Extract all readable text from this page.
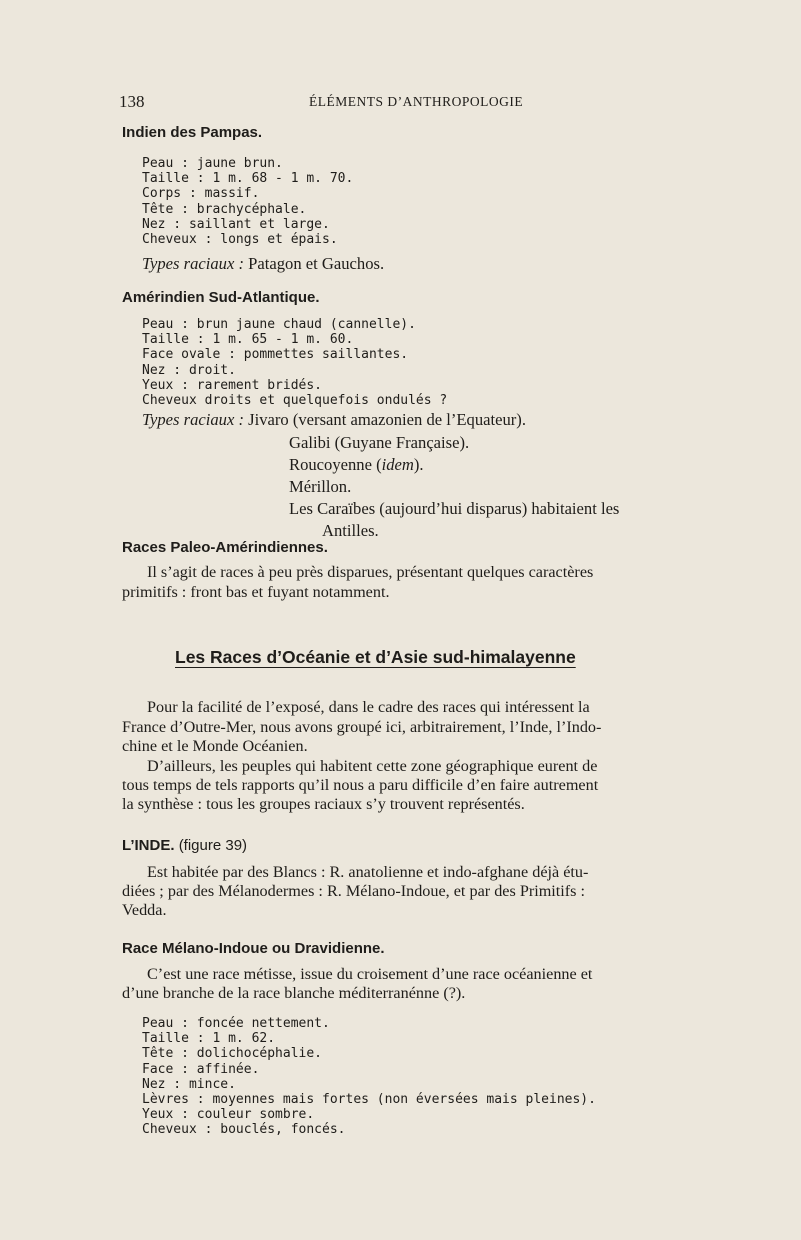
138	ÉLÉMENTS D’ANTHROPOLOGIE
Indien des Pampas.
Peau : jaune brun.
Taille : 1 m. 68 - 1 m. 70.
Corps : massif.
Tête : brachycéphale.
Nez : saillant et large.
Cheveux : longs et épais.
Types raciaux : Patagon et Gauchos.
Amérindien Sud-Atlantique.
Peau : brun jaune chaud (cannelle).
Taille : 1 m. 65 - 1 m. 60.
Face ovale : pommettes saillantes.
Nez : droit.
Yeux : rarement bridés.
Cheveux droits et quelquefois ondulés ?
Types raciaux : Jivaro (versant amazonien de l’Equateur).
Galibi (Guyane Française).
Roucoyenne (idem).
Mérillon.
Les Caraïbes (aujourd’hui disparus) habitaient les
Antilles.
Races Paleo-Amérindiennes.
Il s’agit de races à peu près disparues, présentant quelques caractères
primitifs : front bas et fuyant notamment.
Les Races d’Océanie et d’Asie sud-himalayenne
Pour la facilité de l’exposé, dans le cadre des races qui intéressent la
France d’Outre-Mer, nous avons groupé ici, arbitrairement, l’Inde, l’Indo-
chine et le Monde Océanien.
D’ailleurs, les peuples qui habitent cette zone géographique eurent de
tous temps de tels rapports qu’il nous a paru difficile d’en faire autrement
la synthèse : tous les groupes raciaux s’y trouvent représentés.
L’INDE. (figure 39)
Est habitée par des Blancs : R. anatolienne et indo-afghane déjà étu-
diées ; par des Mélanodermes : R. Mélano-Indoue, et par des Primitifs :
Vedda.
Race Mélano-Indoue ou Dravidienne.
C’est une race métisse, issue du croisement d’une race océanienne et
d’une branche de la race blanche méditerranénne (?).
Peau : foncée nettement.
Taille : 1 m. 62.
Tête : dolichocéphalie.
Face : affinée.
Nez : mince.
Lèvres : moyennes mais fortes (non éversées mais pleines).
Yeux : couleur sombre.
Cheveux : bouclés, foncés.
